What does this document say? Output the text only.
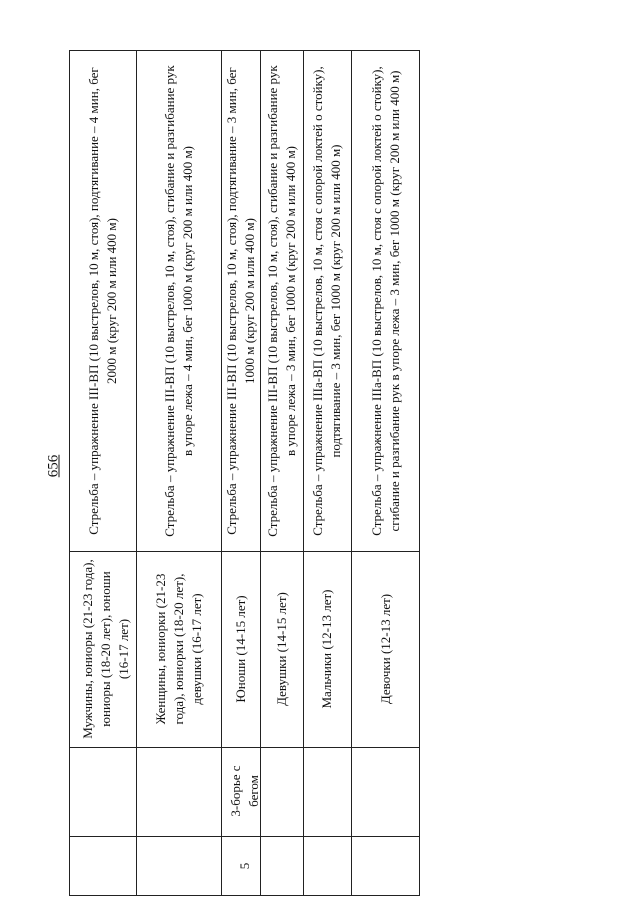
656
5
3-борье с бегом
Мужчины, юниоры (21-23 года), юниоры (18-20 лет), юноши (16-17 лет) Женщины, юниорки (21-23 года), юниорки (18-20 лет), девушки (16-17 лет) Юноши (14-15 лет) Девушки (14-15 лет) Мальчики (12-13 лет)	Девочки (12-13 лет)
Стрельба – упражнение III-ВП (10 выстрелов, 10 м, стоя), подтягивание – 4 мин, бег 2000 м (круг 200 м или 400 м)	Стрельба – упражнение III-ВП (10 выстрелов, 10 м, стоя), сгибание и разгибание рук в упоре лежа – 4 мин, бег 1000 м (круг 200 м или 400 м) Стрельба – упражнение III-ВП (10 выстрелов, 10 м, стоя), подтягивание – 3 мин, бег 1000 м (круг 200 м или 400 м) Стрельба – упражнение III-ВП (10 выстрелов, 10 м, стоя), сгибание и разгибание рук в упоре лежа – 3 мин, бег 1000 м (круг 200 м или 400 м) Стрельба – упражнение IIIа-ВП (10 выстрелов, 10 м, стоя с опорой локтей о стойку), подтягивание – 3 мин, бег 1000 м (круг 200 м или 400 м) Стрельба – упражнение IIIа-ВП (10 выстрелов, 10 м, стоя с опорой локтей о стойку), сгибание и разгибание рук в упоре лежа – 3 мин, бег 1000 м (круг 200 м или 400 м)
